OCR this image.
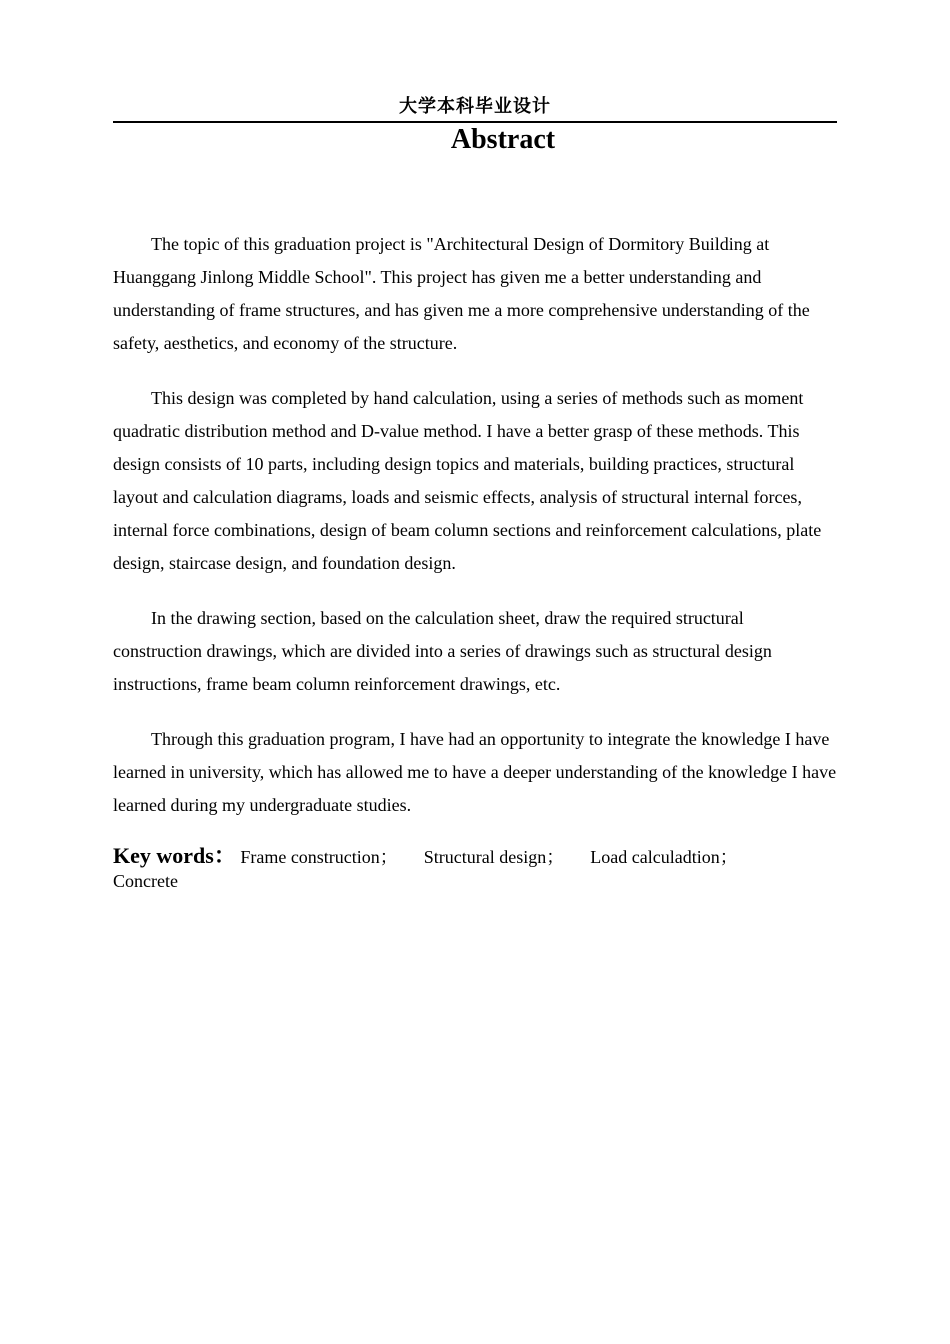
大学本科毕业设计
Abstract

The topic of this graduation project is "Architectural Design of Dormitory Building at Huanggang Jinlong Middle School". This project has given me a better understanding and understanding of frame structures, and has given me a more comprehensive understanding of the safety, aesthetics, and economy of the structure.

This design was completed by hand calculation, using a series of methods such as moment quadratic distribution method and D-value method. I have a better grasp of these methods. This design consists of 10 parts, including design topics and materials, building practices, structural layout and calculation diagrams, loads and seismic effects, analysis of structural internal forces, internal force combinations, design of beam column sections and reinforcement calculations, plate design, staircase design, and foundation design.

In the drawing section, based on the calculation sheet, draw the required structural construction drawings, which are divided into a series of drawings such as structural design instructions, frame beam column reinforcement drawings, etc.

Through this graduation program, I have had an opportunity to integrate the knowledge I have learned in university, which has allowed me to have a deeper understanding of the knowledge I have learned during my undergraduate studies.

Key words： Frame construction； Structural design； Load calculadtion；
Concrete
